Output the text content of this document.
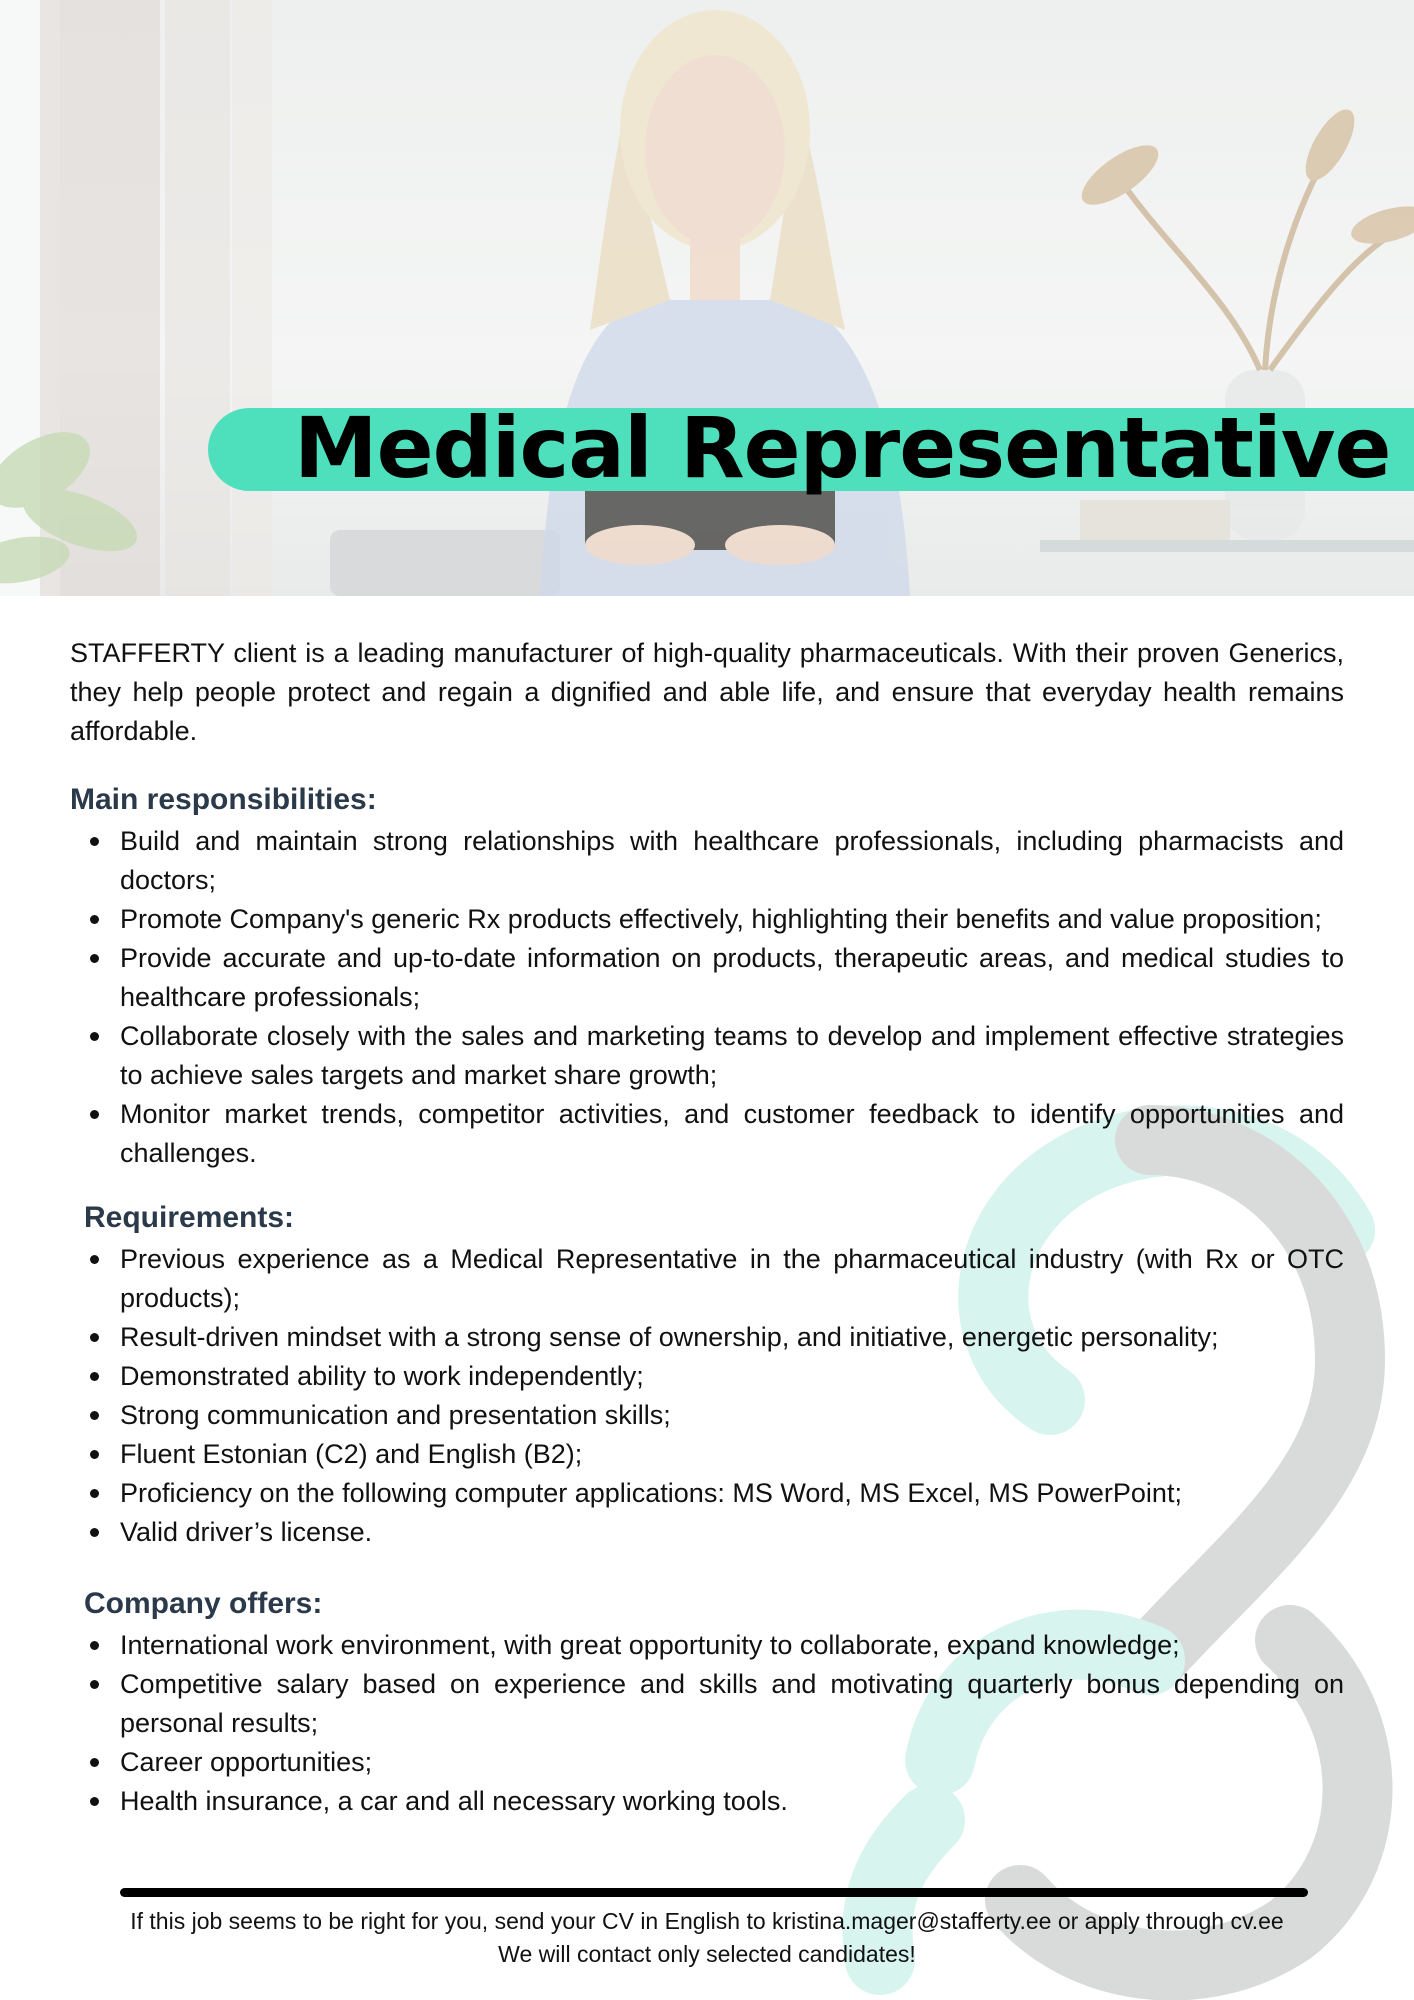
Medical Representative

STAFFERTY client is a leading manufacturer of high-quality pharmaceuticals. With their proven Generics, they help people protect and regain a dignified and able life, and ensure that everyday health remains affordable.

Main responsibilities:
Build and maintain strong relationships with healthcare professionals, including pharmacists and doctors;
Promote Company's generic Rx products effectively, highlighting their benefits and value proposition;
Provide accurate and up-to-date information on products, therapeutic areas, and medical studies to healthcare professionals;
Collaborate closely with the sales and marketing teams to develop and implement effective strategies to achieve sales targets and market share growth;
Monitor market trends, competitor activities, and customer feedback to identify opportunities and challenges.
Requirements:
Previous experience as a Medical Representative in the pharmaceutical industry (with Rx or OTC products);
Result-driven mindset with a strong sense of ownership, and initiative, energetic personality;
Demonstrated ability to work independently;
Strong communication and presentation skills;
Fluent Estonian (C2) and English (B2);
Proficiency on the following computer applications: MS Word, MS Excel, MS PowerPoint;
Valid driver’s license.
Company offers:
International work environment, with great opportunity to collaborate, expand knowledge;
Competitive salary based on experience and skills and motivating quarterly bonus depending on personal results;
Career opportunities;
Health insurance, a car and all necessary working tools.
If this job seems to be right for you, send your CV in English to kristina.mager@stafferty.ee or apply through cv.ee
We will contact only selected candidates!
